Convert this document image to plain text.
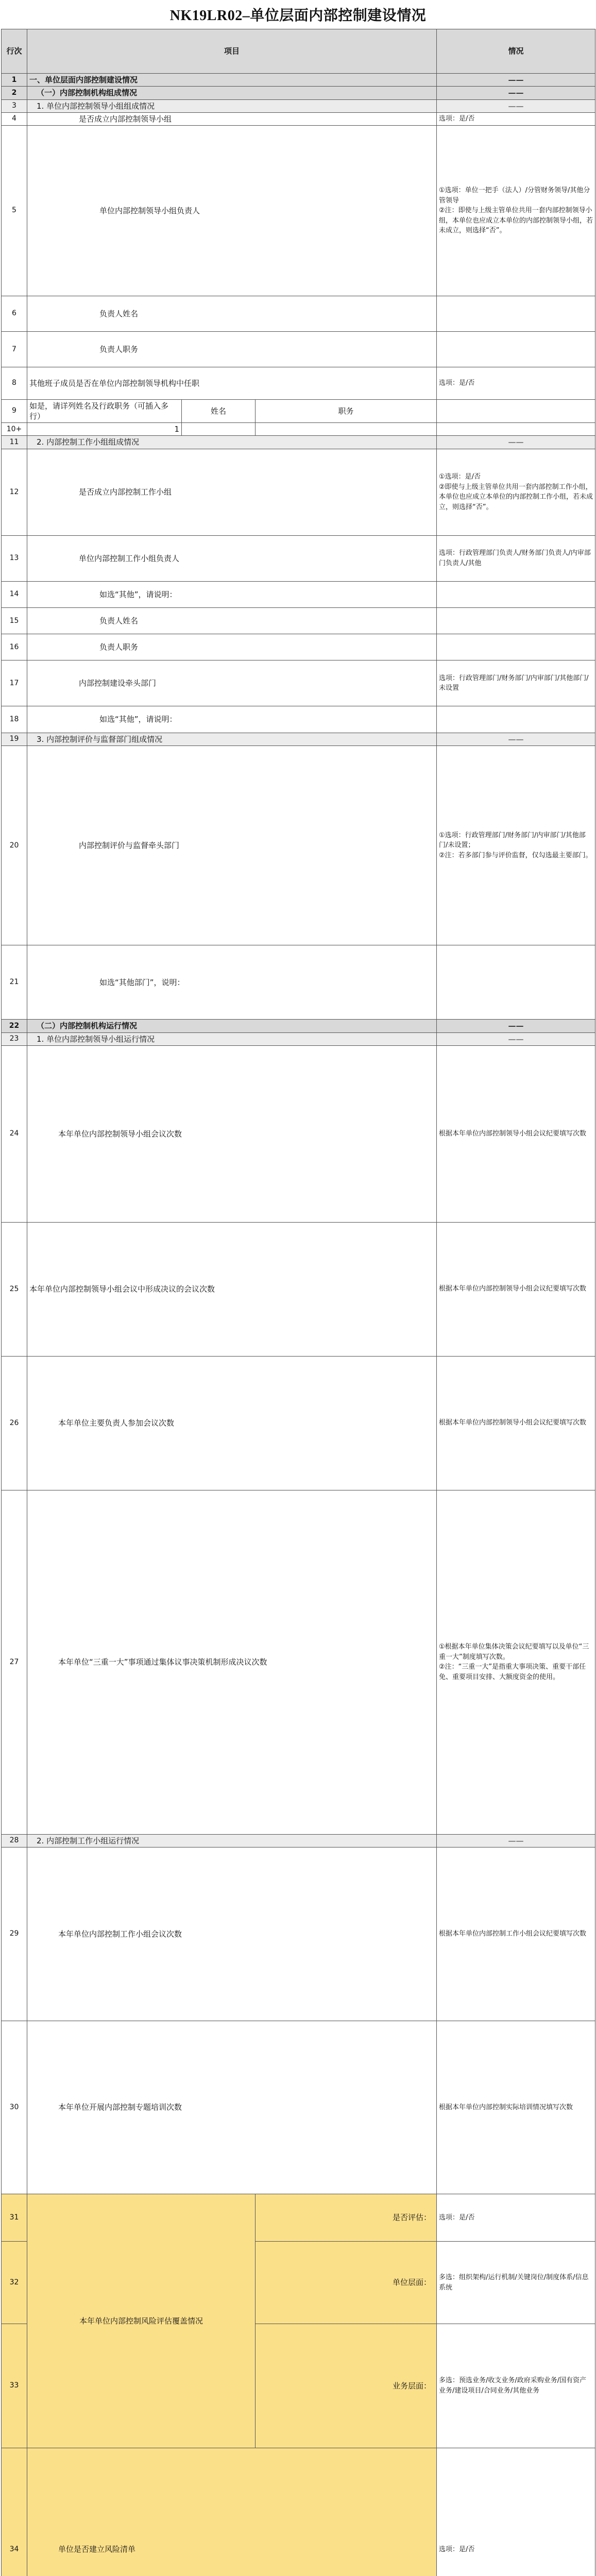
NK19LR02–单位层面内部控制建设情况
行次	项目			情况	
1	一、单位层面内部控制建设情况			——	
2	（一）内部控制机构组成情况			——	
3	1. 单位内部控制领导小组组成情况			——	
4	是否成立内部控制领导小组			选项：是/否	
5	单位内部控制领导小组负责人			①选项：单位一把手（法人）/分管财务领导/其他分管领导
②注：即使与上级主管单位共用一套内部控制领导小组，本单位也应成立本单位的内部控制领导小组，若未成立，则选择“否”。	
6	负责人姓名				
7	负责人职务				
8	其他班子成员是否在单位内部控制领导机构中任职			选项：是/否	
9	如是，请详列姓名及行政职务（可插入多行）	姓名	职务		
10+	1				
11	2. 内部控制工作小组组成情况			——	
12	是否成立内部控制工作小组			①选项：是/否
②即使与上级主管单位共用一套内部控制工作小组，本单位也应成立本单位的内部控制工作小组，若未成立，则选择“否”。	
13	单位内部控制工作小组负责人			选项：行政管理部门负责人/财务部门负责人/内审部门负责人/其他	
14	如选“其他”，请说明：				
15	负责人姓名				
16	负责人职务				
17	内部控制建设牵头部门			选项：行政管理部门/财务部门/内审部门/其他部门/未设置	
18	如选“其他”，请说明：				
19	3. 内部控制评价与监督部门组成情况			——	
20	内部控制评价与监督牵头部门			①选项：行政管理部门/财务部门/内审部门/其他部门/未设置；
②注：若多部门参与评价监督，仅勾选最主要部门。	
21	如选“其他部门”，说明：				
22	（二）内部控制机构运行情况			——	
23	1. 单位内部控制领导小组运行情况			——	
24	本年单位内部控制领导小组会议次数			根据本年单位内部控制领导小组会议纪要填写次数	
25	本年单位内部控制领导小组会议中形成决议的会议次数			根据本年单位内部控制领导小组会议纪要填写次数	
26	本年单位主要负责人参加会议次数			根据本年单位内部控制领导小组会议纪要填写次数	
27	本年单位“三重一大”事项通过集体议事决策机制形成决议次数			①根据本年单位集体决策会议纪要填写以及单位“三重一大”制度填写次数。
②注：“三重一大”是指重大事项决策、重要干部任免、重要项目安排、大额度资金的使用。	
28	2. 内部控制工作小组运行情况			——	
29	本年单位内部控制工作小组会议次数			根据本年单位内部控制工作小组会议纪要填写次数	
30	本年单位开展内部控制专题培训次数			根据本年单位内部控制实际培训情况填写次数	
31	本年单位内部控制风险评估覆盖情况		是否评估：	选项：是/否	
32			单位层面：	多选：组织架构/运行机制/关键岗位/制度体系/信息系统	
33			业务层面：	多选：预选业务/收支业务/政府采购业务/国有资产业务/建设项目/合同业务/其他业务	
34	单位是否建立风险清单			选项：是/否	
